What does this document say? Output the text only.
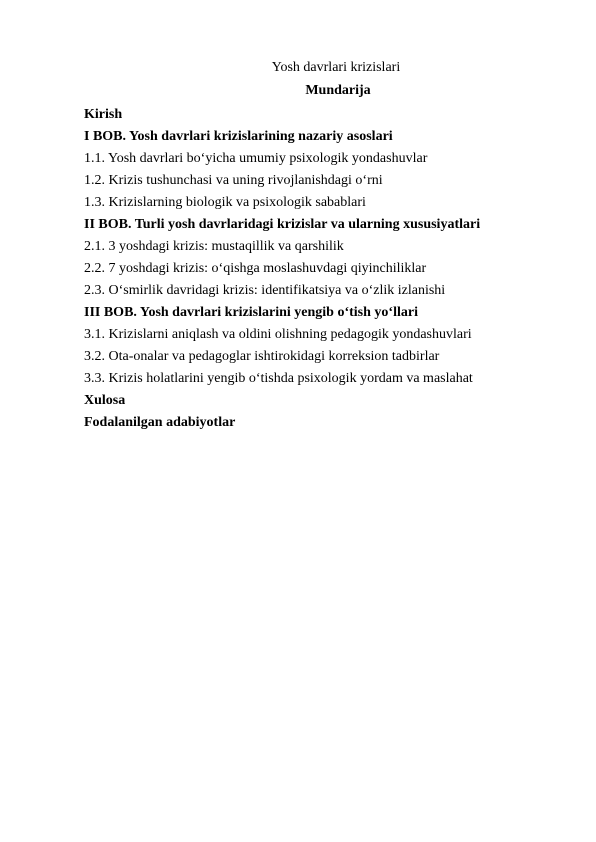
Yosh davrlari krizislari
Mundarija
Kirish
I BOB. Yosh davrlari krizislarining nazariy asoslari
1.1. Yosh davrlari bo‘yicha umumiy psixologik yondashuvlar
1.2. Krizis tushunchasi va uning rivojlanishdagi o‘rni
1.3. Krizislarning biologik va psixologik sabablari
II BOB. Turli yosh davrlaridagi krizislar va ularning xususiyatlari
2.1. 3 yoshdagi krizis: mustaqillik va qarshilik
2.2. 7 yoshdagi krizis: o‘qishga moslashuvdagi qiyinchiliklar
2.3. O‘smirlik davridagi krizis: identifikatsiya va o‘zlik izlanishi
III BOB. Yosh davrlari krizislarini yengib o‘tish yo‘llari
3.1. Krizislarni aniqlash va oldini olishning pedagogik yondashuvlari
3.2. Ota-onalar va pedagoglar ishtirokidagi korreksion tadbirlar
3.3. Krizis holatlarini yengib o‘tishda psixologik yordam va maslahat
Xulosa
Fodalanilgan adabiyotlar
